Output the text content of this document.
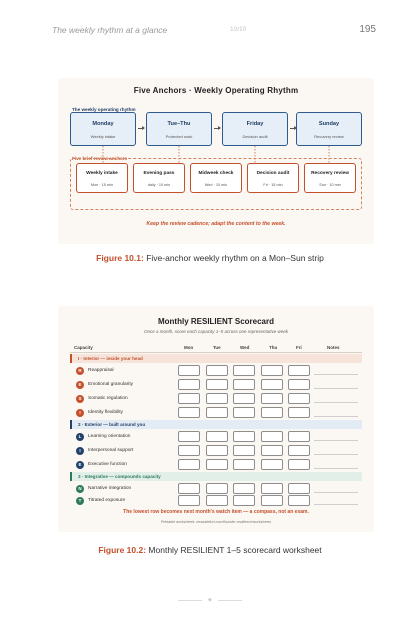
The weekly rhythm at a glance	10/10	195
Five Anchors · Weekly Operating Rhythm
The weekly operating rhythm
Monday
Weekly intake
Tue–Thu
Protected work
Friday
Decision audit
Sunday
Recovery review
Five brief review anchors
Weekly intake
Mon · 15 min
Evening pass
daily · 10 min
Midweek check
Wed · 10 min
Decision audit
Fri · 15 min
Recovery review
Sun · 10 min
Keep the review cadence; adapt the content to the week.
Figure 10.1: Five-anchor weekly rhythm on a Mon–Sun strip
Monthly RESILIENT Scorecard
Once a month, score each capacity 1–5 across one representative week
Capacity	Mon	Tue	Wed	Thu	Fri	Notes
I · Interior — inside your head
R	Reappraisal
E	Emotional granularity
S	Somatic regulation
I	Identity flexibility
2 · Exterior — built around you
L	Learning orientation
I	Interpersonal support
E	Executive function
3 · Integrative — compounds capacity
N	Narrative integration
T	Titrated exposure
The lowest row becomes next month's watch item — a compass, not an exam.
Printable worksheets: renaudefurt.com/founder-resilience/worksheets
Figure 10.2: Monthly RESILIENT 1–5 scorecard worksheet
◆
